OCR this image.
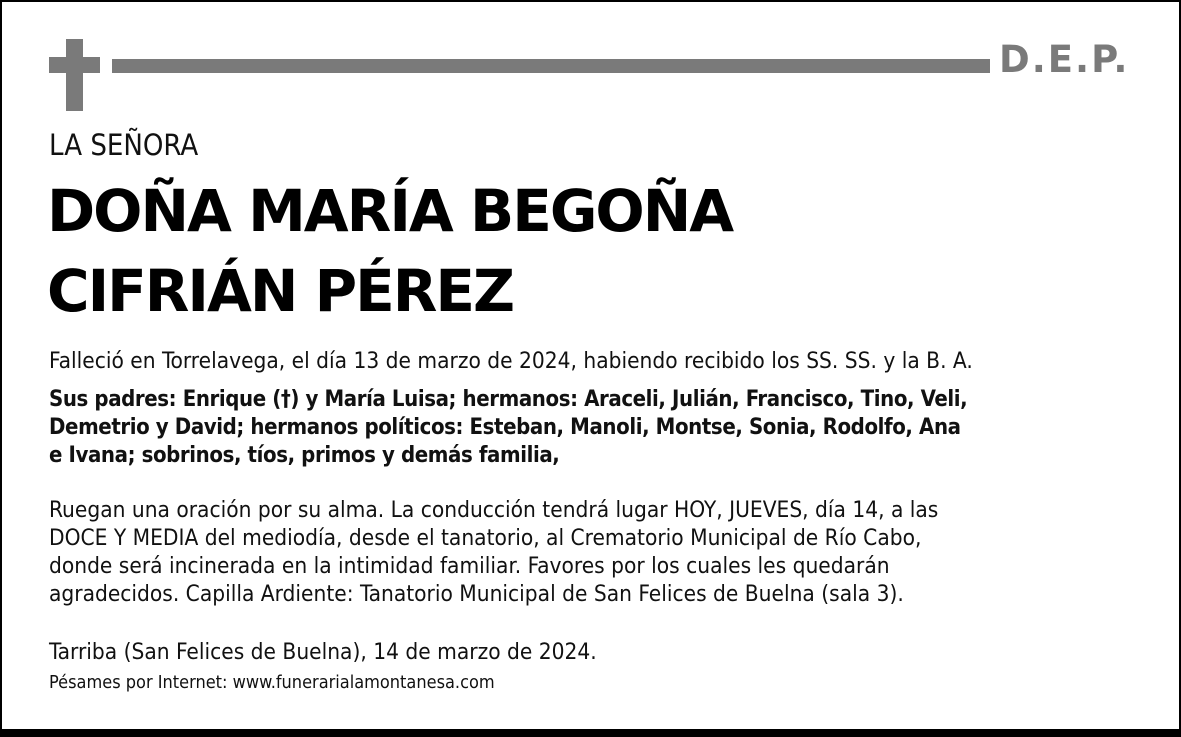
D.E.P.
LA SEÑORA
DOÑA MARÍA BEGOÑA
CIFRIÁN PÉREZ

Falleció en Torrelavega, el día 13 de marzo de 2024, habiendo recibido los SS. SS. y la B. A.

Sus padres: Enrique (†) y María Luisa; hermanos: Araceli, Julián, Francisco, Tino, Veli,
Demetrio y David; hermanos políticos: Esteban, Manoli, Montse, Sonia, Rodolfo, Ana
e Ivana; sobrinos, tíos, primos y demás familia,
Ruegan una oración por su alma. La conducción tendrá lugar HOY, JUEVES, día 14, a las
DOCE Y MEDIA del mediodía, desde el tanatorio, al Crematorio Municipal de Río Cabo,
donde será incinerada en la intimidad familiar. Favores por los cuales les quedarán
agradecidos. Capilla Ardiente: Tanatorio Municipal de San Felices de Buelna (sala 3).
Tarriba (San Felices de Buelna), 14 de marzo de 2024.
Pésames por Internet: www.funerarialamontanesa.com
